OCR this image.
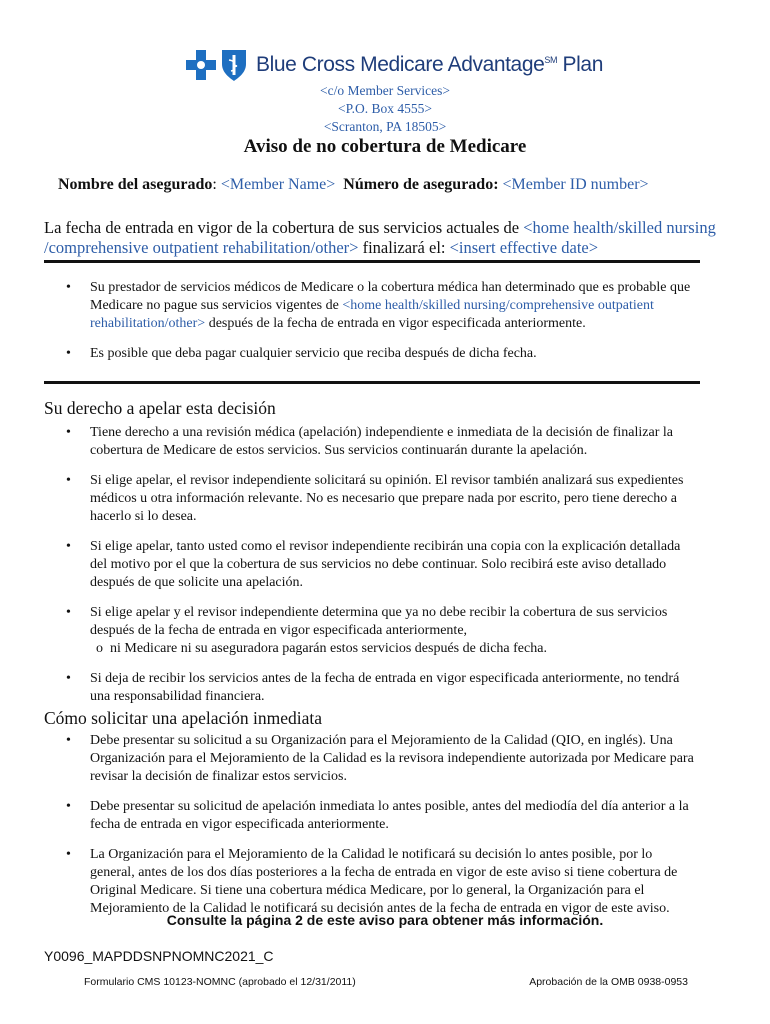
Blue Cross Medicare Advantage℠ Plan
<c/o Member Services>
<P.O. Box 4555>
<Scranton, PA 18505>
Aviso de no cobertura de Medicare
Nombre del asegurado: <Member Name> Número de asegurado: <Member ID number>
La fecha de entrada en vigor de la cobertura de sus servicios actuales de <home health/skilled nursing /comprehensive outpatient rehabilitation/other> finalizará el: <insert effective date>
• Su prestador de servicios médicos de Medicare o la cobertura médica han determinado que es probable que Medicare no pague sus servicios vigentes de <home health/skilled nursing/comprehensive outpatient rehabilitation/other> después de la fecha de entrada en vigor especificada anteriormente.
• Es posible que deba pagar cualquier servicio que reciba después de dicha fecha.
Su derecho a apelar esta decisión
• Tiene derecho a una revisión médica (apelación) independiente e inmediata de la decisión de finalizar la cobertura de Medicare de estos servicios. Sus servicios continuarán durante la apelación.
• Si elige apelar, el revisor independiente solicitará su opinión. El revisor también analizará sus expedientes médicos u otra información relevante. No es necesario que prepare nada por escrito, pero tiene derecho a hacerlo si lo desea.
• Si elige apelar, tanto usted como el revisor independiente recibirán una copia con la explicación detallada del motivo por el que la cobertura de sus servicios no debe continuar. Solo recibirá este aviso detallado después de que solicite una apelación.
• Si elige apelar y el revisor independiente determina que ya no debe recibir la cobertura de sus servicios después de la fecha de entrada en vigor especificada anteriormente,
o ni Medicare ni su aseguradora pagarán estos servicios después de dicha fecha.
• Si deja de recibir los servicios antes de la fecha de entrada en vigor especificada anteriormente, no tendrá una responsabilidad financiera.
Cómo solicitar una apelación inmediata
• Debe presentar su solicitud a su Organización para el Mejoramiento de la Calidad (QIO, en inglés). Una Organización para el Mejoramiento de la Calidad es la revisora independiente autorizada por Medicare para revisar la decisión de finalizar estos servicios.
• Debe presentar su solicitud de apelación inmediata lo antes posible, antes del mediodía del día anterior a la fecha de entrada en vigor especificada anteriormente.
• La Organización para el Mejoramiento de la Calidad le notificará su decisión lo antes posible, por lo general, antes de los dos días posteriores a la fecha de entrada en vigor de este aviso si tiene cobertura de Original Medicare. Si tiene una cobertura médica Medicare, por lo general, la Organización para el Mejoramiento de la Calidad le notificará su decisión antes de la fecha de entrada en vigor de este aviso.
Consulte la página 2 de este aviso para obtener más información.
Y0096_MAPDDSNPNOMNC2021_C
Formulario CMS 10123-NOMNC (aprobado el 12/31/2011)	Aprobación de la OMB 0938-0953
